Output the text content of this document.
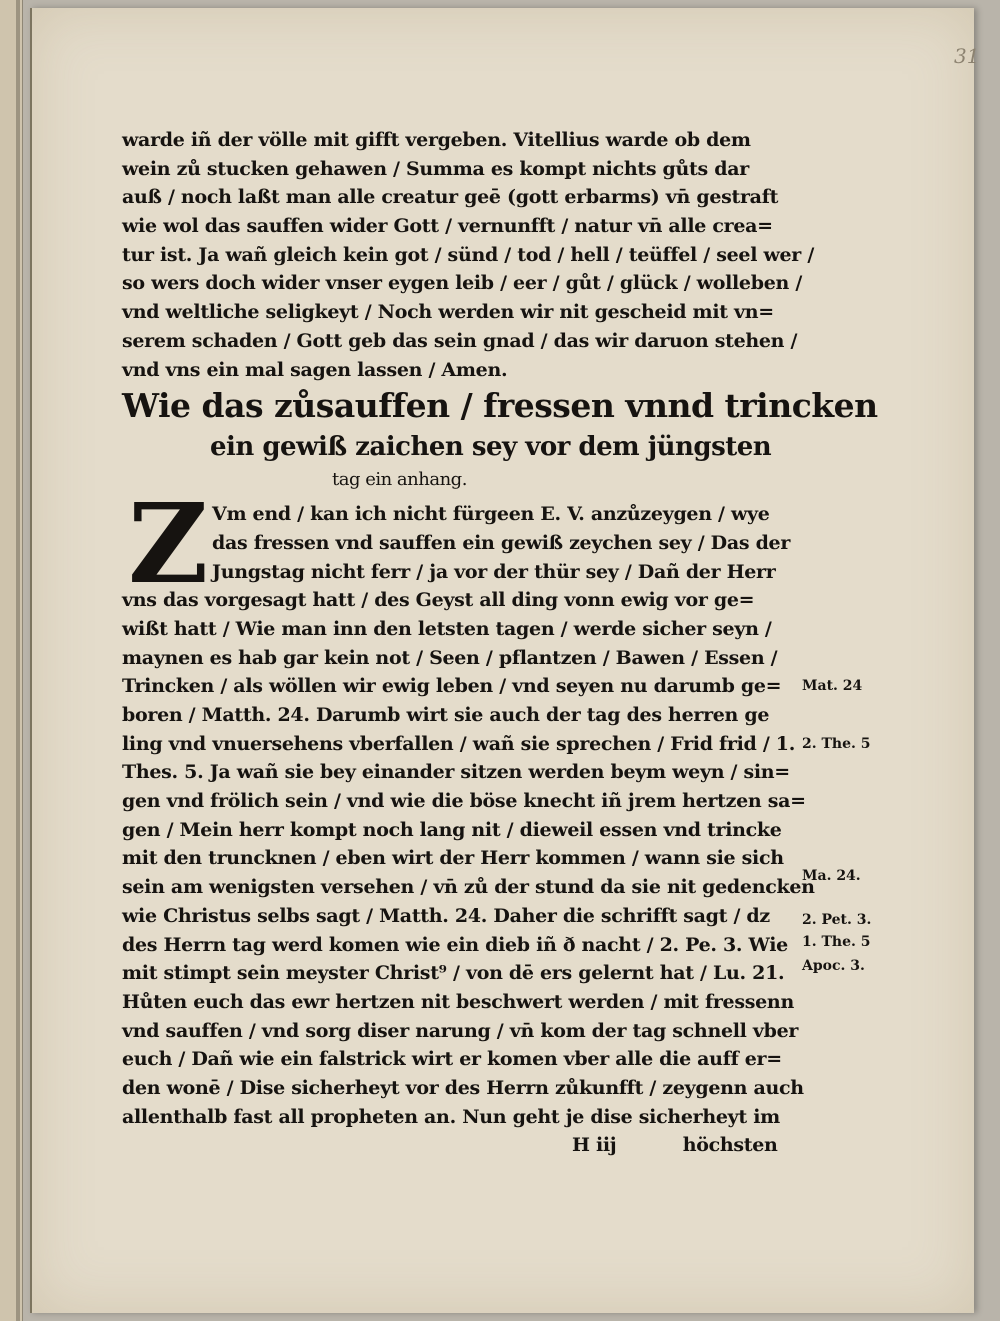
31
warde iñ der völle mit gifft vergeben. Vitellius warde ob dem
wein zů stucken gehawen / Summa es kompt nichts gůts dar
auß / noch laßt man alle creatur geē (gott erbarms) vn̄ gestraft
wie wol das sauffen wider Gott / vernunfft / natur vn̄ alle crea=
tur ist. Ja wañ gleich kein got / sünd / tod / hell / teüffel / seel wer /
so wers doch wider vnser eygen leib / eer / gůt / glück / wolleben /
vnd weltliche seligkeyt / Noch werden wir nit gescheid mit vn=
serem schaden / Gott geb das sein gnad / das wir daruon stehen /
vnd vns ein mal sagen lassen / Amen.
Wie das zůsauffen / fressen vnnd trincken
ein gewiß zaichen sey vor dem jüngsten
tag ein anhang.
Z Vm end / kan ich nicht fürgeen E. V. anzůzeygen / wye
das fressen vnd sauffen ein gewiß zeychen sey / Das der
Jungstag nicht ferr / ja vor der thür sey / Dañ der Herr
vns das vorgesagt hatt / des Geyst all ding vonn ewig vor ge=
wißt hatt / Wie man inn den letsten tagen / werde sicher seyn /
maynen es hab gar kein not / Seen / pflantzen / Bawen / Essen /
Trincken / als wöllen wir ewig leben / vnd seyen nu darumb ge=
boren / Matth. 24. Darumb wirt sie auch der tag des herren ge
ling vnd vnuersehens vberfallen / wañ sie sprechen / Frid frid / 1.
Thes. 5. Ja wañ sie bey einander sitzen werden beym weyn / sin=
gen vnd frölich sein / vnd wie die böse knecht iñ jrem hertzen sa=
gen / Mein herr kompt noch lang nit / dieweil essen vnd trincke
mit den truncknen / eben wirt der Herr kommen / wann sie sich
sein am wenigsten versehen / vn̄ zů der stund da sie nit gedencken
wie Christus selbs sagt / Matth. 24. Daher die schrifft sagt / dz
des Herrn tag werd komen wie ein dieb iñ ð nacht / 2. Pe. 3. Wie
mit stimpt sein meyster Christ⁹ / von dē ers gelernt hat / Lu. 21.
Hůten euch das ewr hertzen nit beschwert werden / mit fressenn
vnd sauffen / vnd sorg diser narung / vn̄ kom der tag schnell vber
euch / Dañ wie ein falstrick wirt er komen vber alle die auff er=
den wonē / Dise sicherheyt vor des Herrn zůkunfft / zeygenn auch
allenthalb fast all propheten an. Nun geht je dise sicherheyt im
H iij	höchsten
Mat. 24
2. The. 5
Ma. 24.
2. Pet. 3.
1. The. 5
Apoc. 3.
